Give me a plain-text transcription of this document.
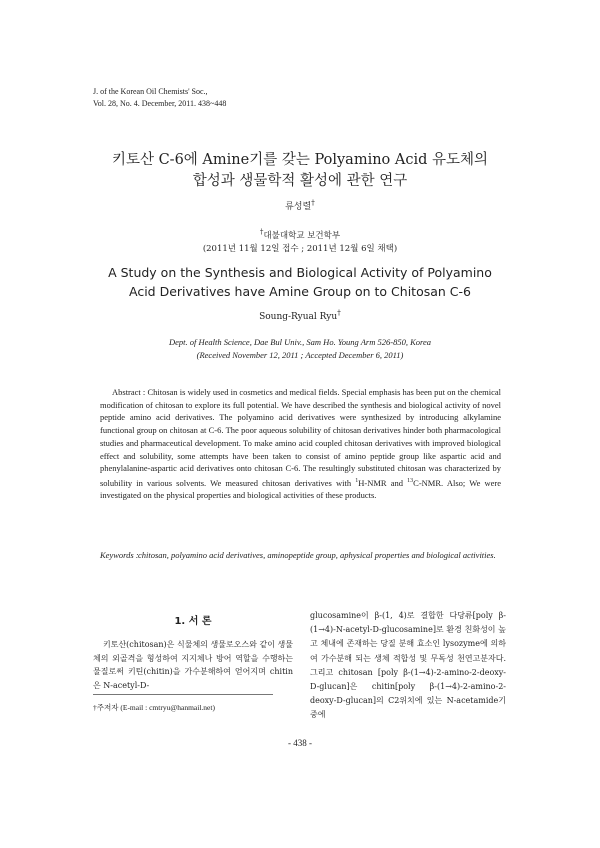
J. of the Korean Oil Chemists' Soc.,
Vol. 28, No. 4. December, 2011. 438~448
키토산 C-6에 Amine기를 갖는 Polyamino Acid 유도체의
합성과 생물학적 활성에 관한 연구
류성렬†
†대불대학교 보건학부
(2011년 11월 12일 접수 ; 2011년 12월 6일 채택)
A Study on the Synthesis and Biological Activity of Polyamino
Acid Derivatives have Amine Group on to Chitosan C-6
Soung-Ryual Ryu†
Dept. of Health Science, Dae Bul Univ., Sam Ho. Young Arm 526-850, Korea
(Received November 12, 2011 ; Accepted December 6, 2011)
Abstract : Chitosan is widely used in cosmetics and medical fields. Special emphasis has been put on the chemical modification of chitosan to explore its full potential. We have described the synthesis and biological activity of novel peptide amino acid derivatives. The polyamino acid derivatives were synthesized by introducing alkylamine functional group on chitosan at C-6. The poor aqueous solubility of chitosan derivatives hinder both pharmacological studies and pharmaceutical development. To make amino acid coupled chitosan derivatives with improved biological effect and solubility, some attempts have been taken to consist of amino peptide group like aspartic acid and phenylalanine-aspartic acid derivatives onto chitosan C-6. The resultingly substituted chitosan was characterized by solubility in various solvents. We measured chitosan derivatives with $^1$H-NMR and $^{13}$C-NMR. Also; We were investigated on the physical properties and biological activities of these products.
Keywords : chitosan, polyamino acid derivatives, aminopeptide group, aphysical properties and biological activities.
1. 서 론
키토산(chitosan)은 식물체의 생물로오스와 같이 생물체의 외골격을 형성하여 지지체나 방어 역할을 수행하는 물질로써 키틴(chitin)을 가수분해하여 얻어지며 chitin은 N-acetyl-D-
†주저자 (E-mail : cmtryu@hanmail.net)
glucosamine이 β-(1, 4)로 결합한 다당류[poly β-(1→4)-N-acetyl-D-glucosamine]로 환경 친화성이 높고 체내에 존재하는 당질 분해 효소인 lysozyme에 의하여 가수분해 되는 생체 적합성 및 무독성 천연고분자다. 그리고 chitosan [poly β-(1→4)-2-amino-2-deoxy-D-glucan]은 chitin[poly β-(1→4)-2-amino-2-deoxy-D-glucan]의 C2위치에 있는 N-acetamide기 중에
- 438 -
